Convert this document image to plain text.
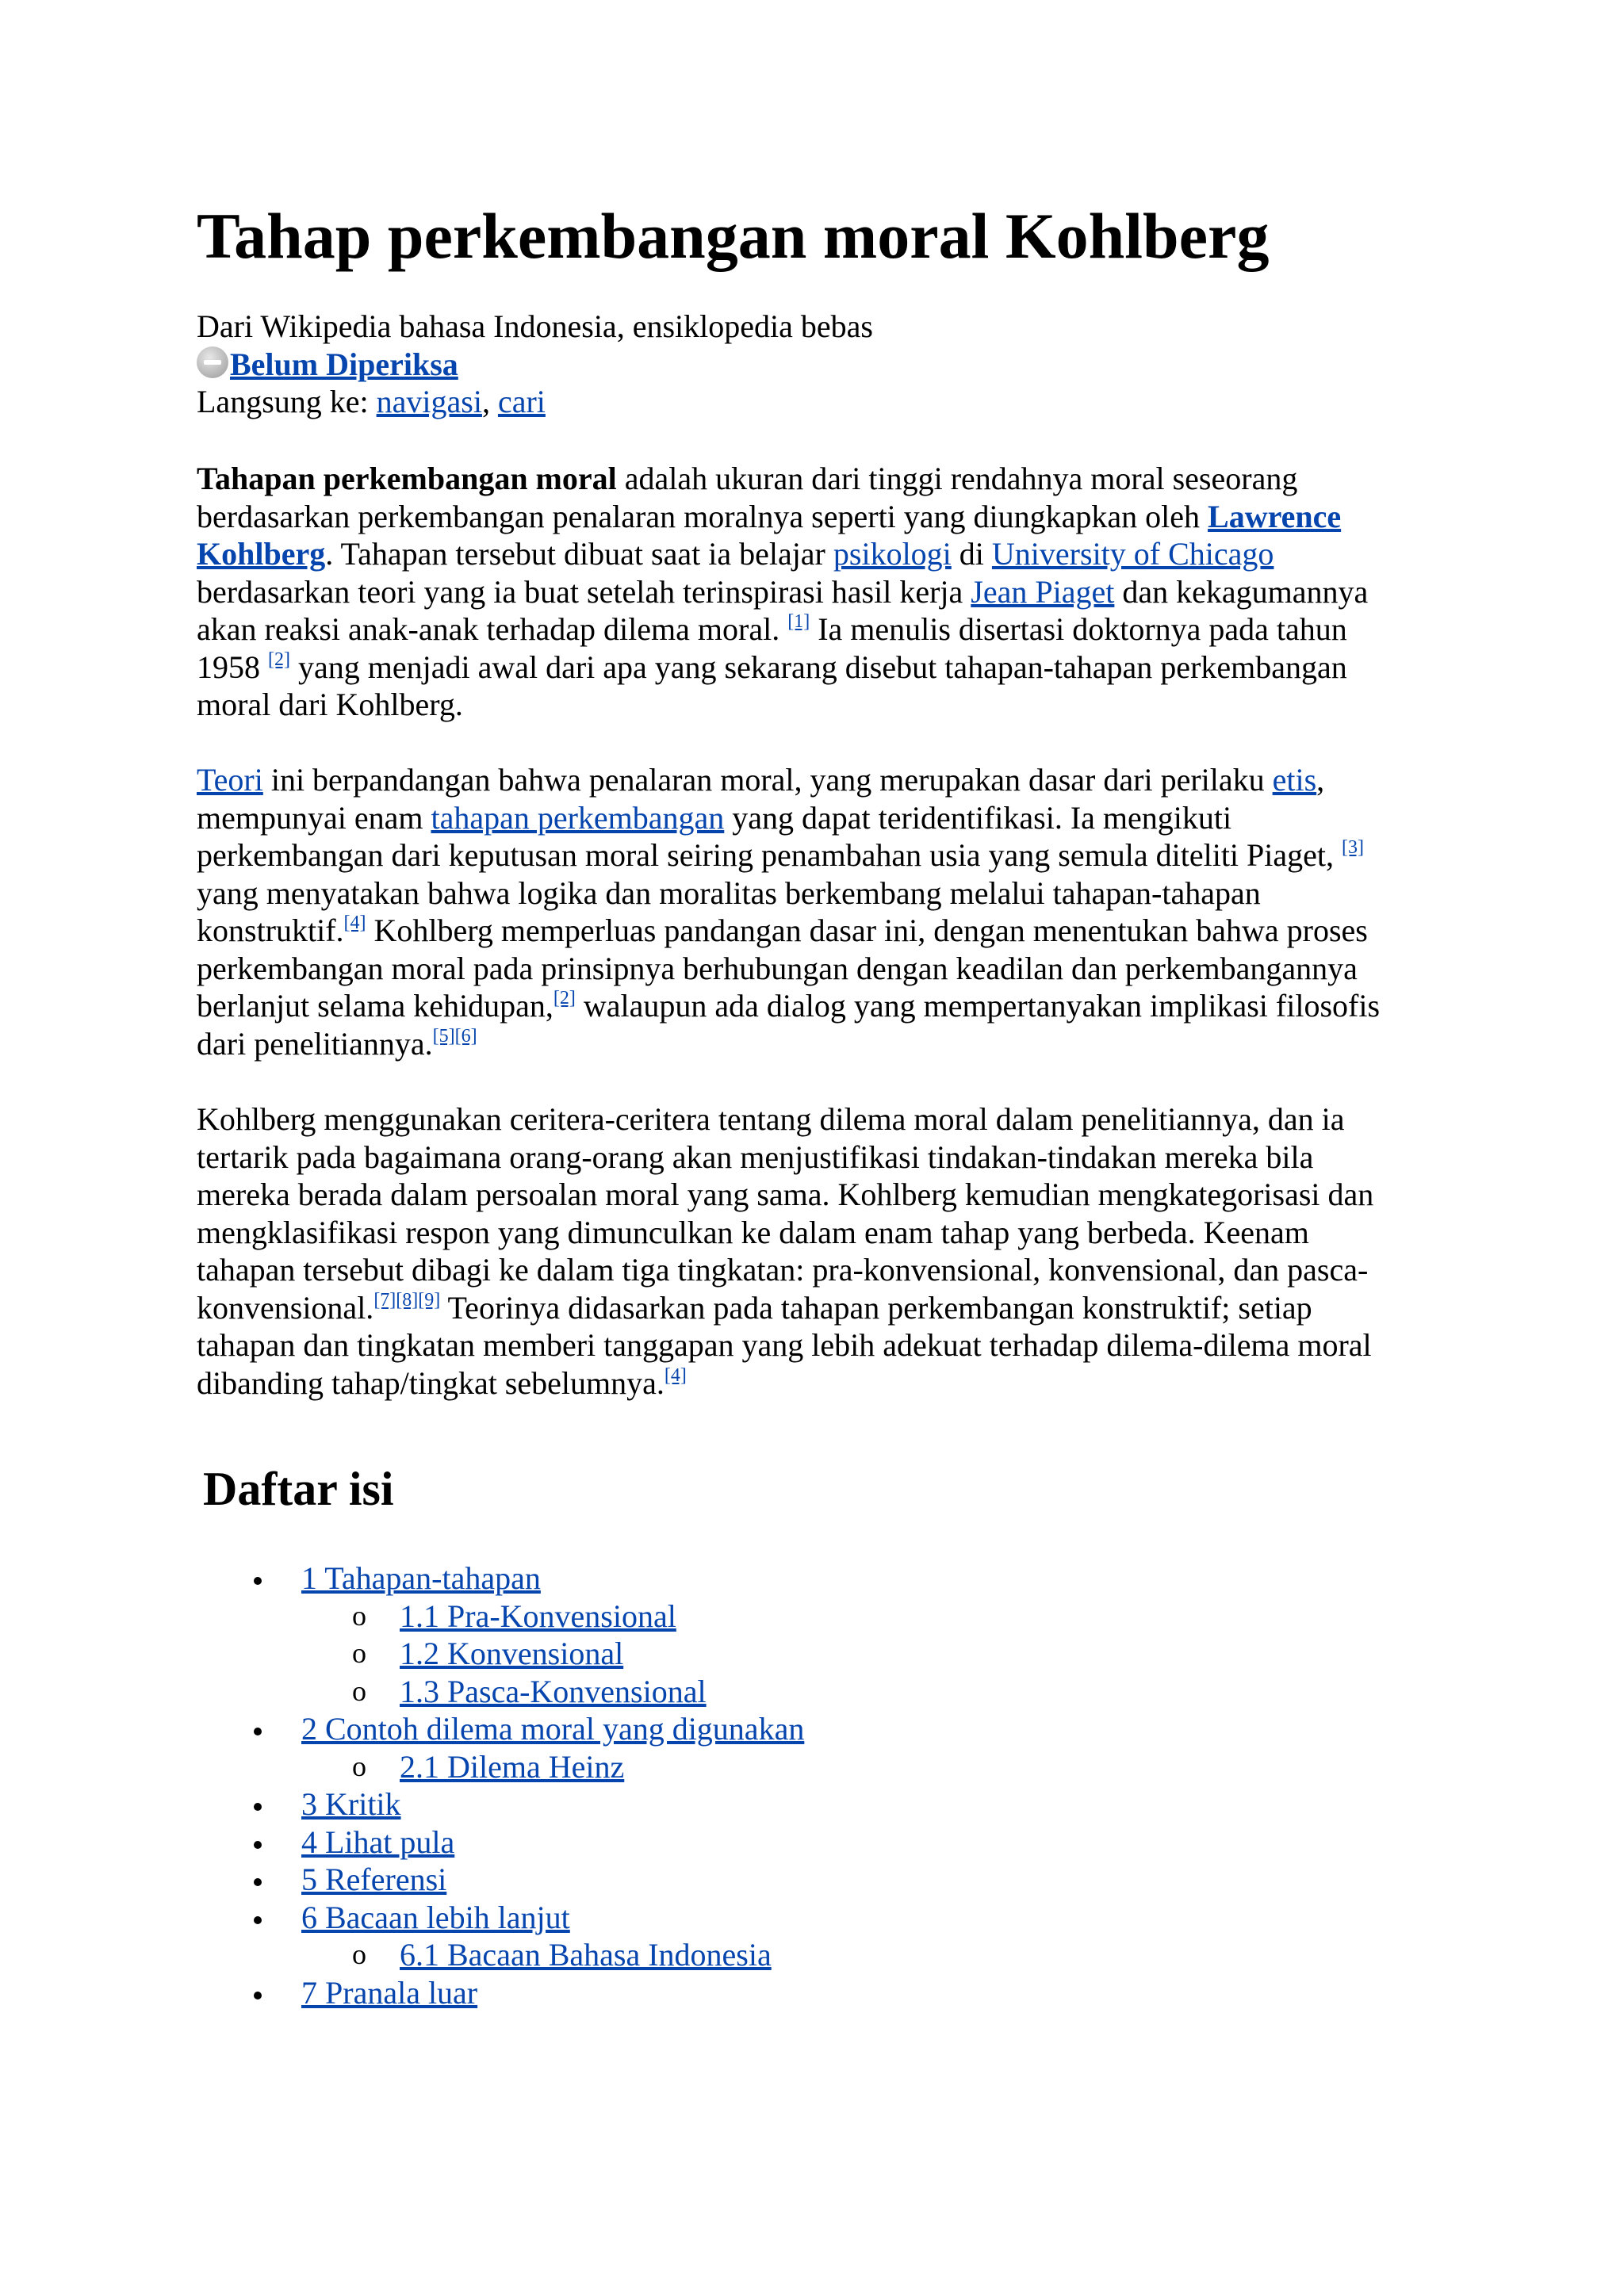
Tahap perkembangan moral Kohlberg
Dari Wikipedia bahasa Indonesia, ensiklopedia bebas
Belum Diperiksa
Langsung ke: navigasi, cari
Tahapan perkembangan moral adalah ukuran dari tinggi rendahnya moral seseorang
berdasarkan perkembangan penalaran moralnya seperti yang diungkapkan oleh Lawrence
Kohlberg. Tahapan tersebut dibuat saat ia belajar psikologi di University of Chicago
berdasarkan teori yang ia buat setelah terinspirasi hasil kerja Jean Piaget dan kekagumannya
akan reaksi anak-anak terhadap dilema moral. [1] Ia menulis disertasi doktornya pada tahun
1958 [2] yang menjadi awal dari apa yang sekarang disebut tahapan-tahapan perkembangan
moral dari Kohlberg.
Teori ini berpandangan bahwa penalaran moral, yang merupakan dasar dari perilaku etis,
mempunyai enam tahapan perkembangan yang dapat teridentifikasi. Ia mengikuti
perkembangan dari keputusan moral seiring penambahan usia yang semula diteliti Piaget, [3]
yang menyatakan bahwa logika dan moralitas berkembang melalui tahapan-tahapan
konstruktif.[4] Kohlberg memperluas pandangan dasar ini, dengan menentukan bahwa proses
perkembangan moral pada prinsipnya berhubungan dengan keadilan dan perkembangannya
berlanjut selama kehidupan,[2] walaupun ada dialog yang mempertanyakan implikasi filosofis
dari penelitiannya.[5][6]
Kohlberg menggunakan ceritera-ceritera tentang dilema moral dalam penelitiannya, dan ia
tertarik pada bagaimana orang-orang akan menjustifikasi tindakan-tindakan mereka bila
mereka berada dalam persoalan moral yang sama. Kohlberg kemudian mengkategorisasi dan
mengklasifikasi respon yang dimunculkan ke dalam enam tahap yang berbeda. Keenam
tahapan tersebut dibagi ke dalam tiga tingkatan: pra-konvensional, konvensional, dan pasca-
konvensional.[7][8][9] Teorinya didasarkan pada tahapan perkembangan konstruktif; setiap
tahapan dan tingkatan memberi tanggapan yang lebih adekuat terhadap dilema-dilema moral
dibanding tahap/tingkat sebelumnya.[4]
Daftar isi
1 Tahapan-tahapan
o 1.1 Pra-Konvensional
o 1.2 Konvensional
o 1.3 Pasca-Konvensional
2 Contoh dilema moral yang digunakan
o 2.1 Dilema Heinz
3 Kritik
4 Lihat pula
5 Referensi
6 Bacaan lebih lanjut
o 6.1 Bacaan Bahasa Indonesia
7 Pranala luar
